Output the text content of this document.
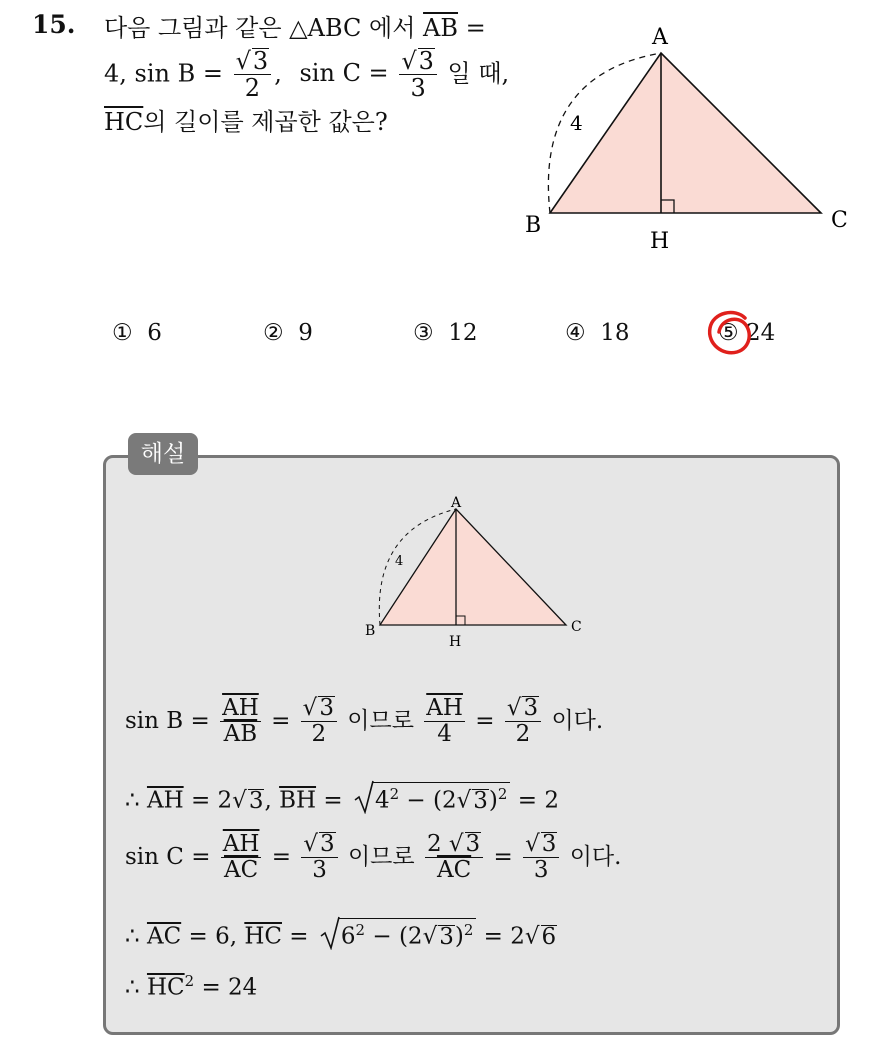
15. 다음 그림과 같은 △ABC 에서 $\overline{AB}$ =
4, $\sin B = \frac{√3}{2}$ , $\sin C = \frac{√3}{3}$ 일 때,
$\overline{HC}$의 길이를 제곱한 값은?
A
B	C
H
4
① 6	② 9	③ 12	④ 18	⑤ 24
해설
A
B	C
H
4
$\sin B = \frac{\overline{AH}}{AB} = \frac{√3}{2}$ 이므로 $\frac{\overline{AH}}{4} = \frac{√3}{2}$ 이다.
∴ $\overline{AH} = 2√3$, $\overline{BH} = 4^2 - (2√3)^2 = 2$
$\sin C = \frac{\overline{AH}}{AC} = \frac{√3}{3}$ 이므로 $\frac{2 √3}{AC} = \frac{√3}{3}$ 이다.
∴ $\overline{AC} = 6$, $\overline{HC} = 6^2 - (2√3)^2 = 2√6$
∴ $\overline{HC}^2 = 24$
